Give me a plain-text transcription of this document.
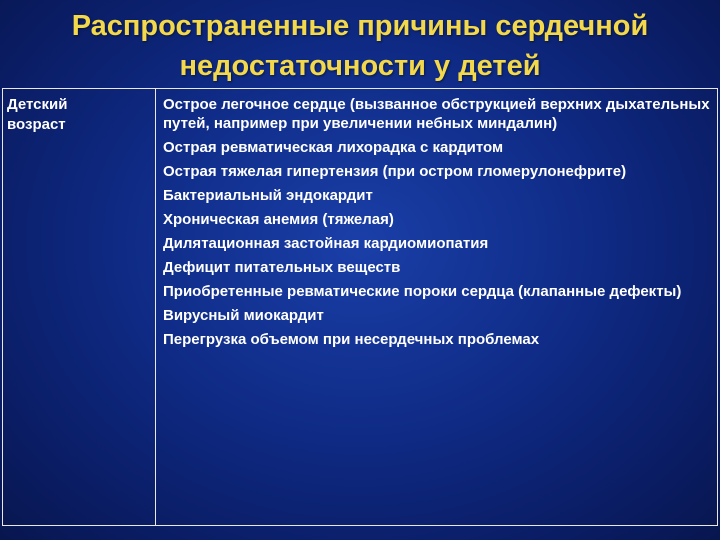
Распространенные причины сердечной
недостаточности у детей
Детский возраст
Острое легочное сердце (вызванное обструкцией верхних дыхательных путей, например при увеличении небных миндалин)
Острая ревматическая лихорадка с кардитом
Острая тяжелая гипертензия (при остром гломерулонефрите)
Бактериальный эндокардит
Хроническая анемия (тяжелая)
Дилятационная застойная кардиомиопатия
Дефицит питательных веществ
Приобретенные ревматические пороки сердца (клапанные дефекты)
Вирусный миокардит
Перегрузка объемом при несердечных проблемах
